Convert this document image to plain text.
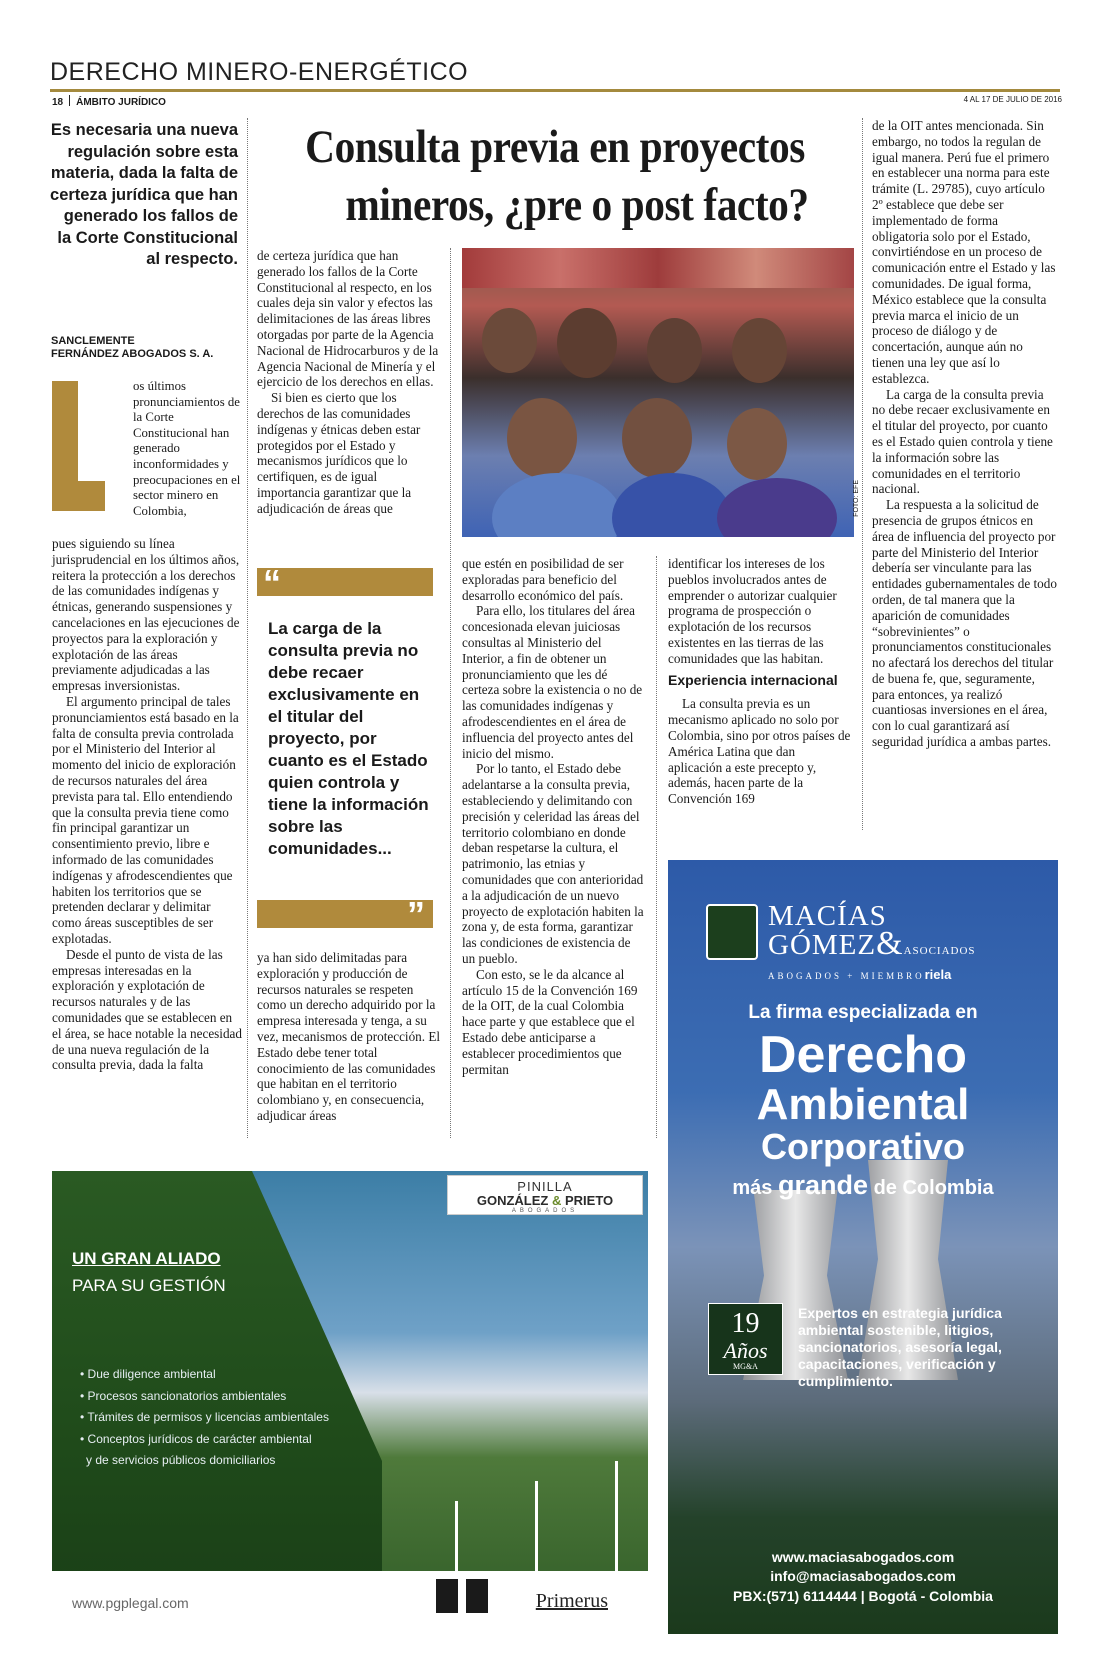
DERECHO MINERO-ENERGÉTICO
18 ÁMBITO JURÍDICO	4 AL 17 DE JULIO DE 2016
Es necesaria una nueva regulación sobre esta materia, dada la falta de certeza jurídica que han generado los fallos de la Corte Constitucional al respecto.
SANCLEMENTE
FERNÁNDEZ ABOGADOS S. A.
Consulta previa en proyectos
mineros, ¿pre o post facto?
os últimos pronunciamientos de la Corte Constitucional han generado inconformidades y preocupaciones en el sector minero en Colombia,

pues siguiendo su línea jurisprudencial en los últimos años, reitera la protección a los derechos de las comunidades indígenas y étnicas, generando suspensiones y cancelaciones en las ejecuciones de proyectos para la exploración y explotación de las áreas previamente adjudicadas a las empresas inversionistas.

El argumento principal de tales pronunciamientos está basado en la falta de consulta previa controlada por el Ministerio del Interior al momento del inicio de exploración de recursos naturales del área prevista para tal. Ello entendiendo que la consulta previa tiene como fin principal garantizar un consentimiento previo, libre e informado de las comunidades indígenas y afrodescendientes que habiten los territorios que se pretenden declarar y delimitar como áreas susceptibles de ser explotadas.

Desde el punto de vista de las empresas interesadas en la exploración y explotación de recursos naturales y de las comunidades que se establecen en el área, se hace notable la necesidad de una nueva regulación de la consulta previa, dada la falta

de certeza jurídica que han generado los fallos de la Corte Constitucional al respecto, en los cuales deja sin valor y efectos las delimitaciones de las áreas libres otorgadas por parte de la Agencia Nacional de Hidrocarburos y de la Agencia Nacional de Minería y el ejercicio de los derechos en ellas.

Si bien es cierto que los derechos de las comunidades indígenas y étnicas deben estar protegidos por el Estado y mecanismos jurídicos que lo certifiquen, es de igual importancia garantizar que la adjudicación de áreas que

“
La carga de la consulta previa no debe recaer exclusivamente en el titular del proyecto, por cuanto es el Estado quien controla y tiene la información sobre las comunidades...
”

ya han sido delimitadas para exploración y producción de recursos naturales se respeten como un derecho adquirido por la empresa interesada y tenga, a su vez, mecanismos de protección. El Estado debe tener total conocimiento de las comunidades que habitan en el territorio colombiano y, en consecuencia, adjudicar áreas

FOTO: EFE

que estén en posibilidad de ser exploradas para beneficio del desarrollo económico del país.

Para ello, los titulares del área concesionada elevan juiciosas consultas al Ministerio del Interior, a fin de obtener un pronunciamiento que les dé certeza sobre la existencia o no de las comunidades indígenas y afrodescendientes en el área de influencia del proyecto antes del inicio del mismo.

Por lo tanto, el Estado debe adelantarse a la consulta previa, estableciendo y delimitando con precisión y celeridad las áreas del territorio colombiano en donde deban respetarse la cultura, el patrimonio, las etnias y comunidades que con anterioridad a la adjudicación de un nuevo proyecto de explotación habiten la zona y, de esta forma, garantizar las condiciones de existencia de un pueblo.

Con esto, se le da alcance al artículo 15 de la Convención 169 de la OIT, de la cual Colombia hace parte y que establece que el Estado debe anticiparse a establecer procedimientos que permitan

identificar los intereses de los pueblos involucrados antes de emprender o autorizar cualquier programa de prospección o explotación de los recursos existentes en las tierras de las comunidades que las habitan.

Experiencia internacional

La consulta previa es un mecanismo aplicado no solo por Colombia, sino por otros países de América Latina que dan aplicación a este precepto y, además, hacen parte de la Convención 169

de la OIT antes mencionada. Sin embargo, no todos la regulan de igual manera. Perú fue el primero en establecer una norma para este trámite (L. 29785), cuyo artículo 2º establece que debe ser implementado de forma obligatoria solo por el Estado, convirtiéndose en un proceso de comunicación entre el Estado y las comunidades. De igual forma, México establece que la consulta previa marca el inicio de un proceso de diálogo y de concertación, aunque aún no tienen una ley que así lo establezca.

La carga de la consulta previa no debe recaer exclusivamente en el titular del proyecto, por cuanto es el Estado quien controla y tiene la información sobre las comunidades en el territorio nacional.

La respuesta a la solicitud de presencia de grupos étnicos en área de influencia del proyecto por parte del Ministerio del Interior debería ser vinculante para las entidades gubernamentales de todo orden, de tal manera que la aparición de comunidades “sobrevinientes” o pronunciamentos constitucionales no afectará los derechos del titular de buena fe, que, seguramente, para entonces, ya realizó cuantiosas inversiones en el área, con lo cual garantizará así seguridad jurídica a ambas partes.

PINILLA
GONZÁLEZ & PRIETO
ABOGADOS
UN GRAN ALIADO
PARA SU GESTIÓN
• Due diligence ambiental
• Procesos sancionatorios ambientales
• Trámites de permisos y licencias ambientales
• Conceptos jurídicos de carácter ambiental
y de servicios públicos domiciliarios
www.pgplegal.com	Primerus
MACÍAS
GÓMEZ&ASOCIADOS
ABOGADOS + MIEMBROriela
La firma especializada en
Derecho
Ambiental
Corporativo
más grande de Colombia
19
Años
MG&A
Expertos en estrategia jurídica ambiental sostenible, litigios, sancionatorios, asesoría legal, capacitaciones, verificación y cumplimiento.
www.maciasabogados.com
info@maciasabogados.com
PBX:(571) 6114444 | Bogotá - Colombia
